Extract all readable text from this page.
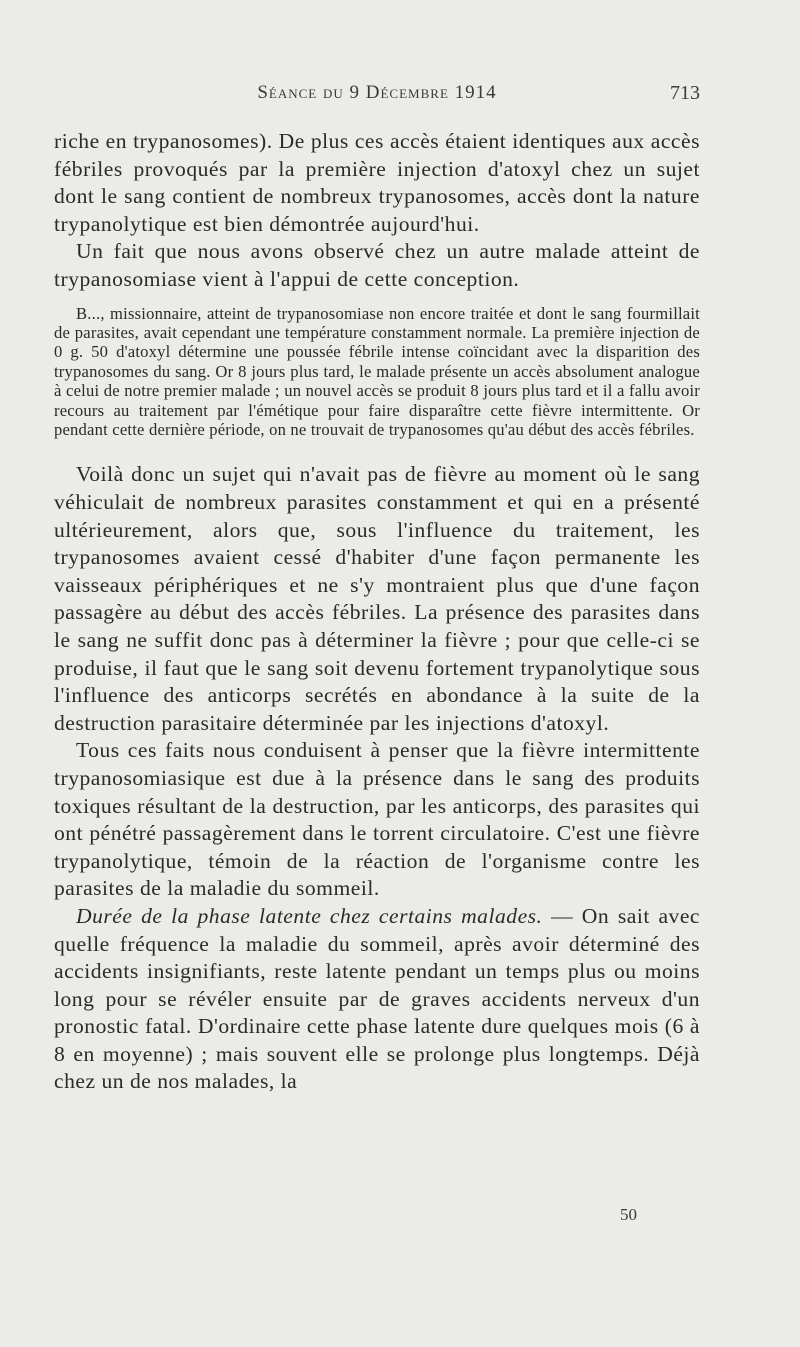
Séance du 9 Décembre 1914	713

riche en trypanosomes). De plus ces accès étaient identiques aux accès fébriles provoqués par la première injection d'atoxyl chez un sujet dont le sang contient de nombreux trypanosomes, accès dont la nature trypanolytique est bien démontrée aujourd'hui.

Un fait que nous avons observé chez un autre malade atteint de trypanosomiase vient à l'appui de cette conception.

B..., missionnaire, atteint de trypanosomiase non encore traitée et dont le sang fourmillait de parasites, avait cependant une température constamment normale. La première injection de 0 g. 50 d'atoxyl détermine une poussée fébrile intense coïncidant avec la disparition des trypanosomes du sang. Or 8 jours plus tard, le malade présente un accès absolument analogue à celui de notre premier malade ; un nouvel accès se produit 8 jours plus tard et il a fallu avoir recours au traitement par l'émétique pour faire disparaître cette fièvre intermittente. Or pendant cette dernière période, on ne trouvait de trypanosomes qu'au début des accès fébriles.

Voilà donc un sujet qui n'avait pas de fièvre au moment où le sang véhiculait de nombreux parasites constamment et qui en a présenté ultérieurement, alors que, sous l'influence du traitement, les trypanosomes avaient cessé d'habiter d'une façon permanente les vaisseaux périphériques et ne s'y montraient plus que d'une façon passagère au début des accès fébriles. La présence des parasites dans le sang ne suffit donc pas à déterminer la fièvre ; pour que celle-ci se produise, il faut que le sang soit devenu fortement trypanolytique sous l'influence des anticorps secrétés en abondance à la suite de la destruction parasitaire déterminée par les injections d'atoxyl.

Tous ces faits nous conduisent à penser que la fièvre intermittente trypanosomiasique est due à la présence dans le sang des produits toxiques résultant de la destruction, par les anticorps, des parasites qui ont pénétré passagèrement dans le torrent circulatoire. C'est une fièvre trypanolytique, témoin de la réaction de l'organisme contre les parasites de la maladie du sommeil.

Durée de la phase latente chez certains malades. — On sait avec quelle fréquence la maladie du sommeil, après avoir déterminé des accidents insignifiants, reste latente pendant un temps plus ou moins long pour se révéler ensuite par de graves accidents nerveux d'un pronostic fatal. D'ordinaire cette phase latente dure quelques mois (6 à 8 en moyenne) ; mais souvent elle se prolonge plus longtemps. Déjà chez un de nos malades, la

50
